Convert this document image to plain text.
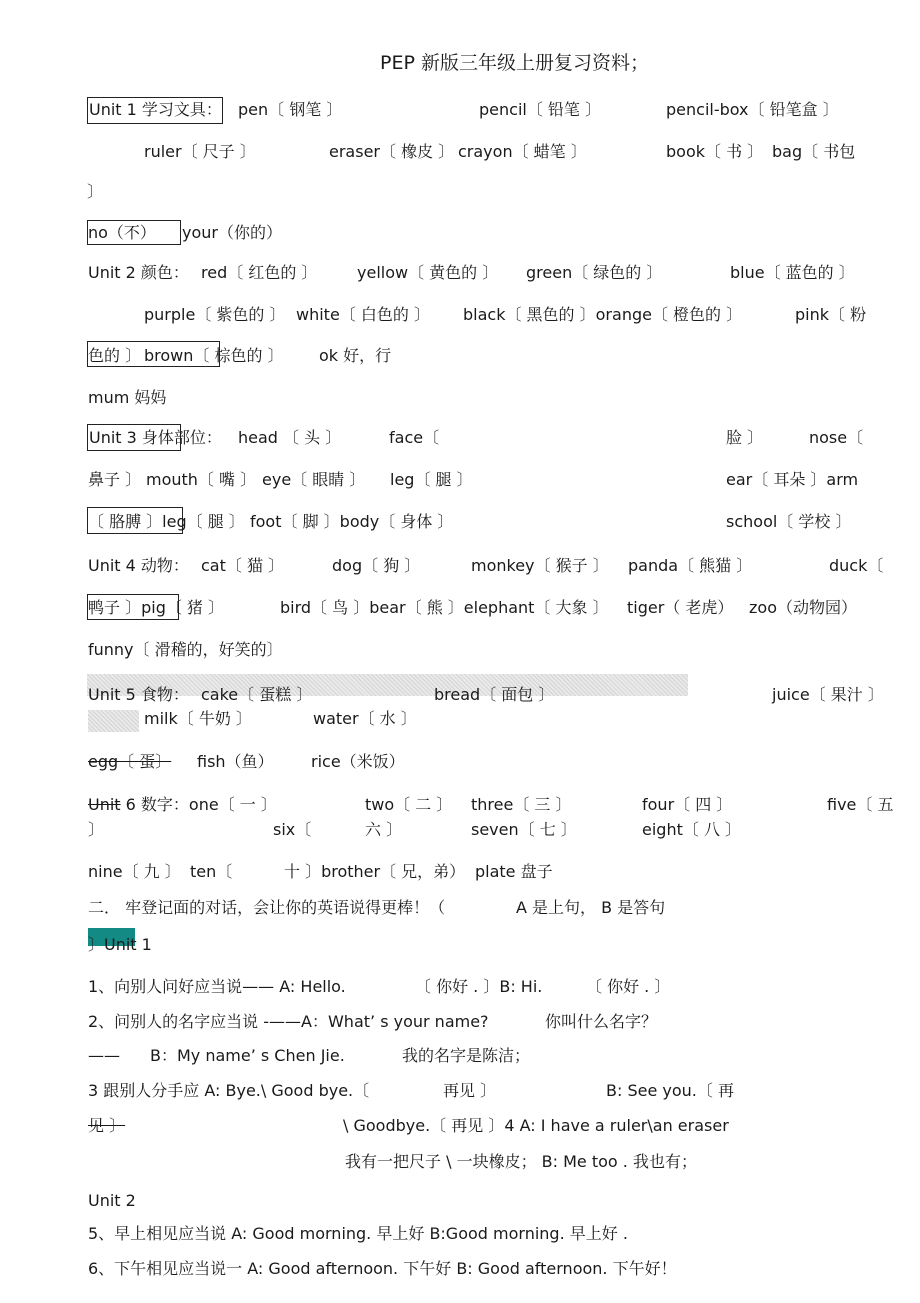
PEP 新版三年级上册复习资料；
Unit 1 学习文具： pen〔 钢笔 〕	pencil〔 铅笔 〕	pencil-box〔 铅笔盒 〕
ruler〔 尺子 〕	eraser〔 橡皮 〕 crayon〔 蜡笔 〕	book〔 书 〕 bag〔 书包
〕
no（不） your（你的）
Unit 2 颜色： red〔 红色的 〕 yellow〔 黄色的 〕 green〔 绿色的 〕	blue〔 蓝色的 〕
purple〔 紫色的 〕 white〔 白色的 〕 black〔 黑色的 〕orange〔 橙色的 〕	pink〔 粉
色的 〕 brown〔 棕色的 〕 ok 好，行
mum 妈妈
Unit 3 身体部位： head 〔 头 〕	face〔	脸 〕	nose〔
鼻子 〕 mouth〔 嘴 〕 eye〔 眼睛 〕 leg〔 腿 〕	ear〔 耳朵 〕arm
〔 胳膊 〕leg〔 腿 〕 foot〔 脚 〕body〔 身体 〕	school〔 学校 〕
Unit 4 动物： cat〔 猫 〕	dog〔 狗 〕	monkey〔 猴子 〕 panda〔 熊猫 〕	duck〔
鸭子 〕pig〔 猪 〕	bird〔 鸟 〕bear〔 熊 〕elephant〔 大象 〕 tiger（ 老虎） zoo（动物园）
funny〔 滑稽的，好笑的〕
Unit 5 食物： cake〔 蛋糕 〕	bread〔 面包 〕	juice〔 果汁 〕
milk〔 牛奶 〕	water〔 水 〕
egg〔 蛋〕 fish（鱼） rice（米饭）
Unit 6 数字：one〔 一 〕	two〔 二 〕 three〔 三 〕	four〔 四 〕	five〔 五
〕	six〔	六 〕	seven〔 七 〕	eight〔 八 〕
nine〔 九 〕 ten〔	十 〕brother〔 兄，弟） plate 盘子
二． 牢登记面的对话，会让你的英语说得更棒！（	A 是上句， B 是答句
〕Unit 1
1、向别人问好应当说—— A: Hello.	〔 你好 . 〕B: Hi.	〔 你好 . 〕
2、问别人的名字应当说 -——A：What’ s your name?	你叫什么名字？
—— B：My name’ s Chen Jie.	我的名字是陈洁；
3 跟别人分手应 A: Bye.\ Good bye.〔	再见 〕	B: See you.〔 再
见 〕	\ Goodbye.〔 再见 〕4 A: I have a ruler\an eraser
我有一把尺子 \ 一块橡皮； B: Me too . 我也有；
Unit 2
5、早上相见应当说 A: Good morning. 早上好 B:Good morning. 早上好 .
6、下午相见应当说一 A: Good afternoon. 下午好 B: Good afternoon. 下午好！
